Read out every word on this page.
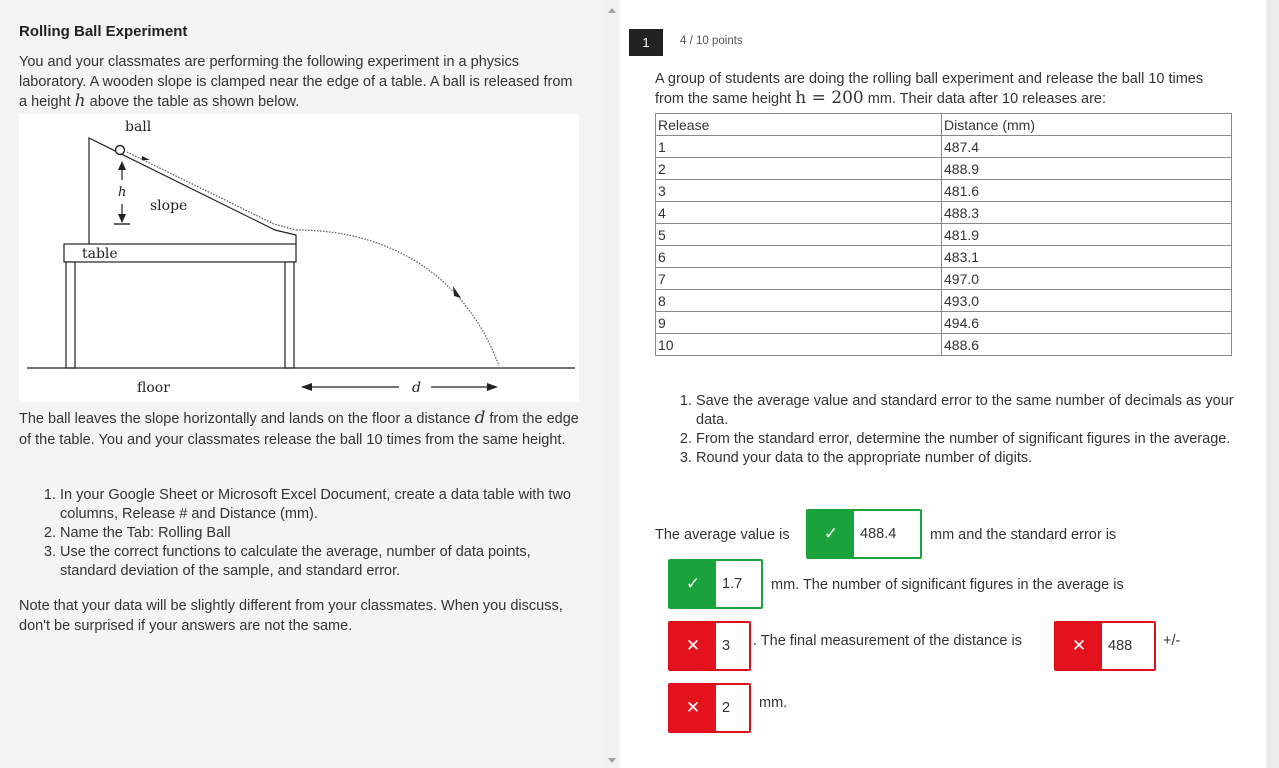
Rolling Ball Experiment
You and your classmates are performing the following experiment in a physics laboratory. A wooden slope is clamped near the edge of a table. A ball is released from a height h above the table as shown below.
ball
h
slope
table
floor	d
The ball leaves the slope horizontally and lands on the floor a distance d from the edge of the table. You and your classmates release the ball 10 times from the same height.
1. In your Google Sheet or Microsoft Excel Document, create a data table with two columns, Release # and Distance (mm).
2. Name the Tab: Rolling Ball
3. Use the correct functions to calculate the average, number of data points, standard deviation of the sample, and standard error.
Note that your data will be slightly different from your classmates. When you discuss, don't be surprised if your answers are not the same.
1	4 / 10 points
A group of students are doing the rolling ball experiment and release the ball 10 times from the same height h = 200 mm. Their data after 10 releases are:
Release	Distance (mm)
1	487.4
2	488.9
3	481.6
4	488.3
5	481.9
6	483.1
7	497.0
8	493.0
9	494.6
10	488.6
1. Save the average value and standard error to the same number of decimals as your data.
2. From the standard error, determine the number of significant figures in the average.
3. Round your data to the appropriate number of digits.
The average value is	✓	488.4	mm and the standard error is
✓	1.7	mm. The number of significant figures in the average is
✕	3	. The final measurement of the distance is	✕	488	+/-
✕	2	mm.
